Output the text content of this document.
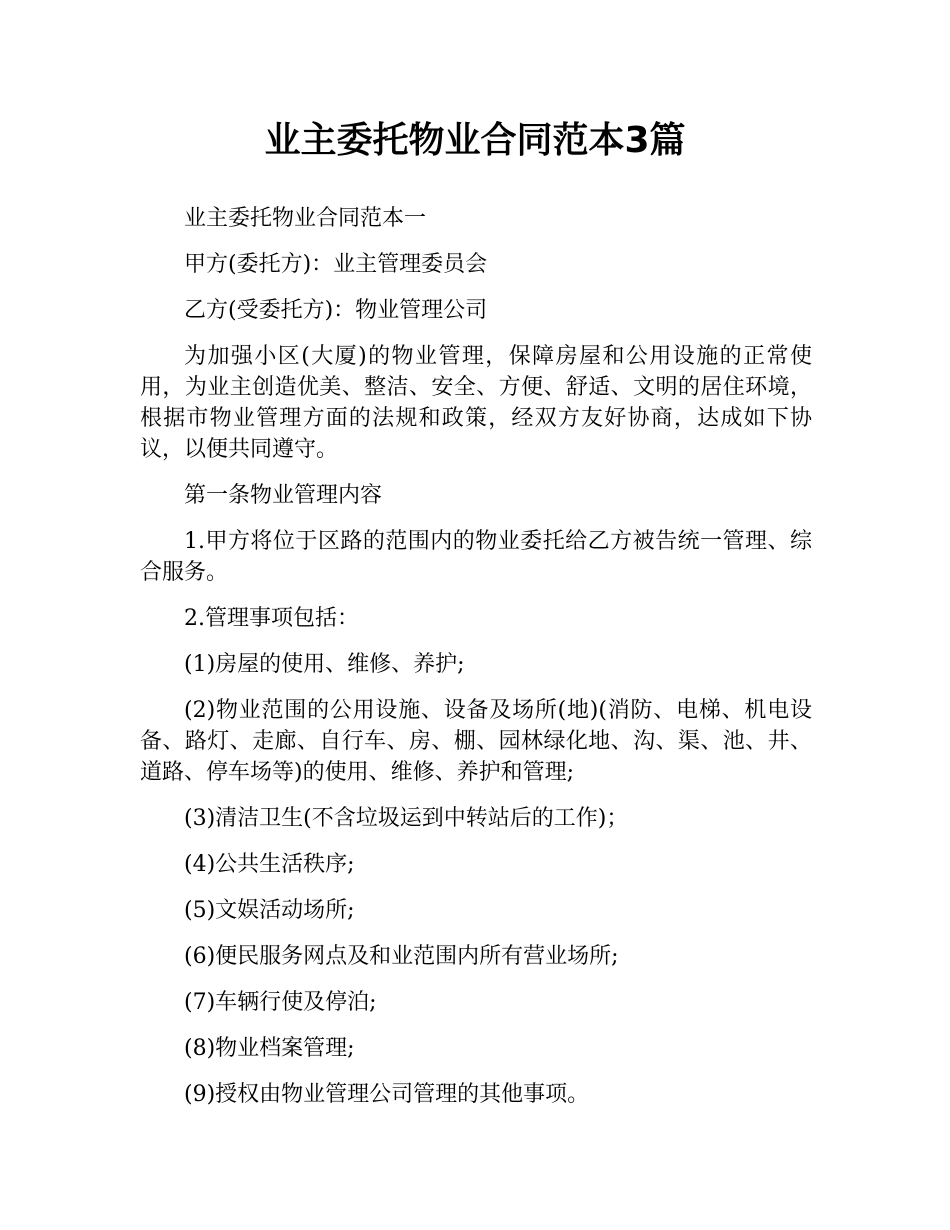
业主委托物业合同范本3篇

业主委托物业合同范本一

甲方(委托方)：业主管理委员会

乙方(受委托方)：物业管理公司

为加强小区(大厦)的物业管理，保障房屋和公用设施的正常使用，为业主创造优美、整洁、安全、方便、舒适、文明的居住环境，根据市物业管理方面的法规和政策，经双方友好协商，达成如下协议，以便共同遵守。

第一条物业管理内容

1.甲方将位于区路的范围内的物业委托给乙方被告统一管理、综合服务。

2.管理事项包括：

(1)房屋的使用、维修、养护;

(2)物业范围的公用设施、设备及场所(地)(消防、电梯、机电设备、路灯、走廊、自行车、房、棚、园林绿化地、沟、渠、池、井、道路、停车场等)的使用、维修、养护和管理;

(3)清洁卫生(不含垃圾运到中转站后的工作)；

(4)公共生活秩序;

(5)文娱活动场所;

(6)便民服务网点及和业范围内所有营业场所;

(7)车辆行使及停泊;

(8)物业档案管理;

(9)授权由物业管理公司管理的其他事项。
